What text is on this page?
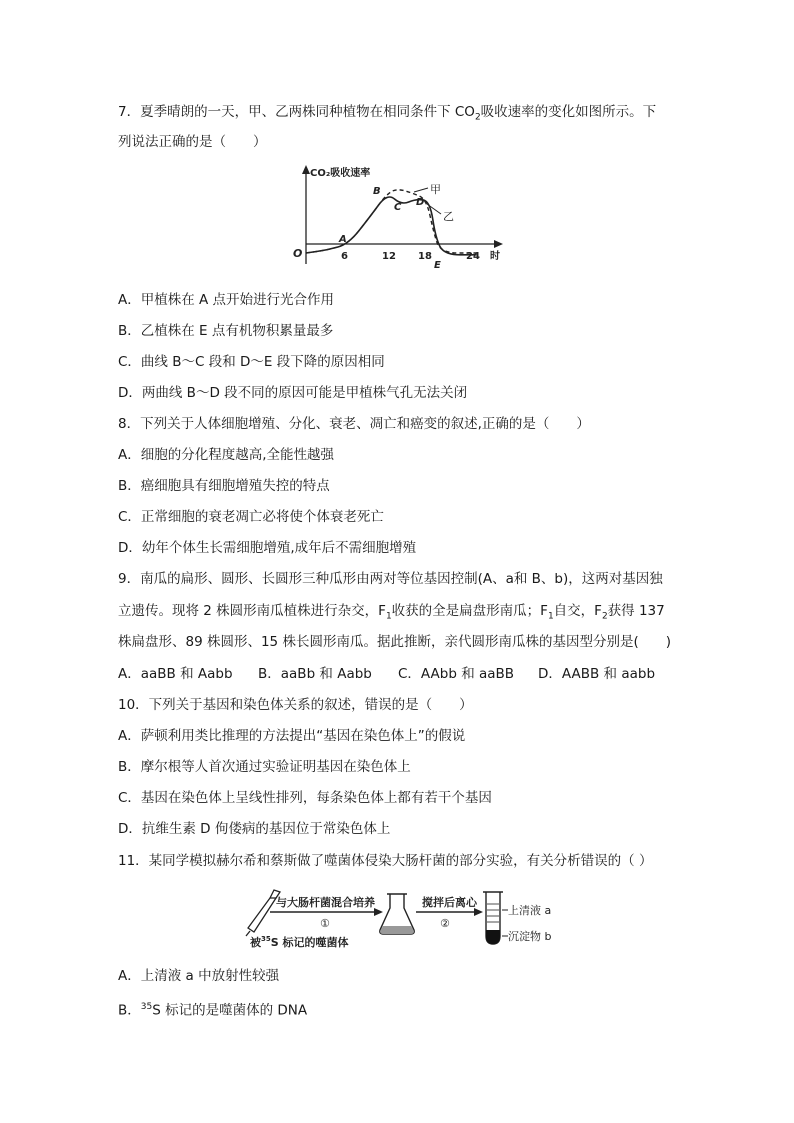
7．夏季晴朗的一天，甲、乙两株同种植物在相同条件下 $CO_2$吸收速率的变化如图所示。下
列说法正确的是（　　）
CO₂吸收速率
O	6	12 18	24 时
A
B
C D
E
甲
乙
A．甲植株在 A 点开始进行光合作用
B．乙植株在 E 点有机物积累量最多
C．曲线 B～C 段和 D～E 段下降的原因相同
D．两曲线 B～D 段不同的原因可能是甲植株气孔无法关闭
8．下列关于人体细胞增殖、分化、衰老、凋亡和癌变的叙述,正确的是（　　）
A．细胞的分化程度越高,全能性越强
B．癌细胞具有细胞增殖失控的特点
C．正常细胞的衰老凋亡必将使个体衰老死亡
D．幼年个体生长需细胞增殖,成年后不需细胞增殖
9．南瓜的扁形、圆形、长圆形三种瓜形由两对等位基因控制(A、a和 B、b)，这两对基因独
立遗传。现将 2 株圆形南瓜植株进行杂交，$F_1$收获的全是扁盘形南瓜；$F_1$自交，$F_2$获得 137
株扁盘形、89 株圆形、15 株长圆形南瓜。据此推断，亲代圆形南瓜株的基因型分别是(　　)
A．aaBB 和 Aabb B．aaBb 和 Aabb C．AAbb 和 aaBB D．AABB 和 aabb
10．下列关于基因和染色体关系的叙述，错误的是（　　）
A．萨顿利用类比推理的方法提出“基因在染色体上”的假说
B．摩尔根等人首次通过实验证明基因在染色体上
C．基因在染色体上呈线性排列，每条染色体上都有若干个基因
D．抗维生素 D 佝偻病的基因位于常染色体上
11．某同学模拟赫尔希和蔡斯做了噬菌体侵染大肠杆菌的部分实验，有关分析错误的（ ）
与大肠杆菌混合培养
①
搅拌后离心
②
上清液 a
沉淀物 b
被$^{35}$S 标记的噬菌体
A．上清液 a 中放射性较强
B．$^{35}$S 标记的是噬菌体的 DNA
